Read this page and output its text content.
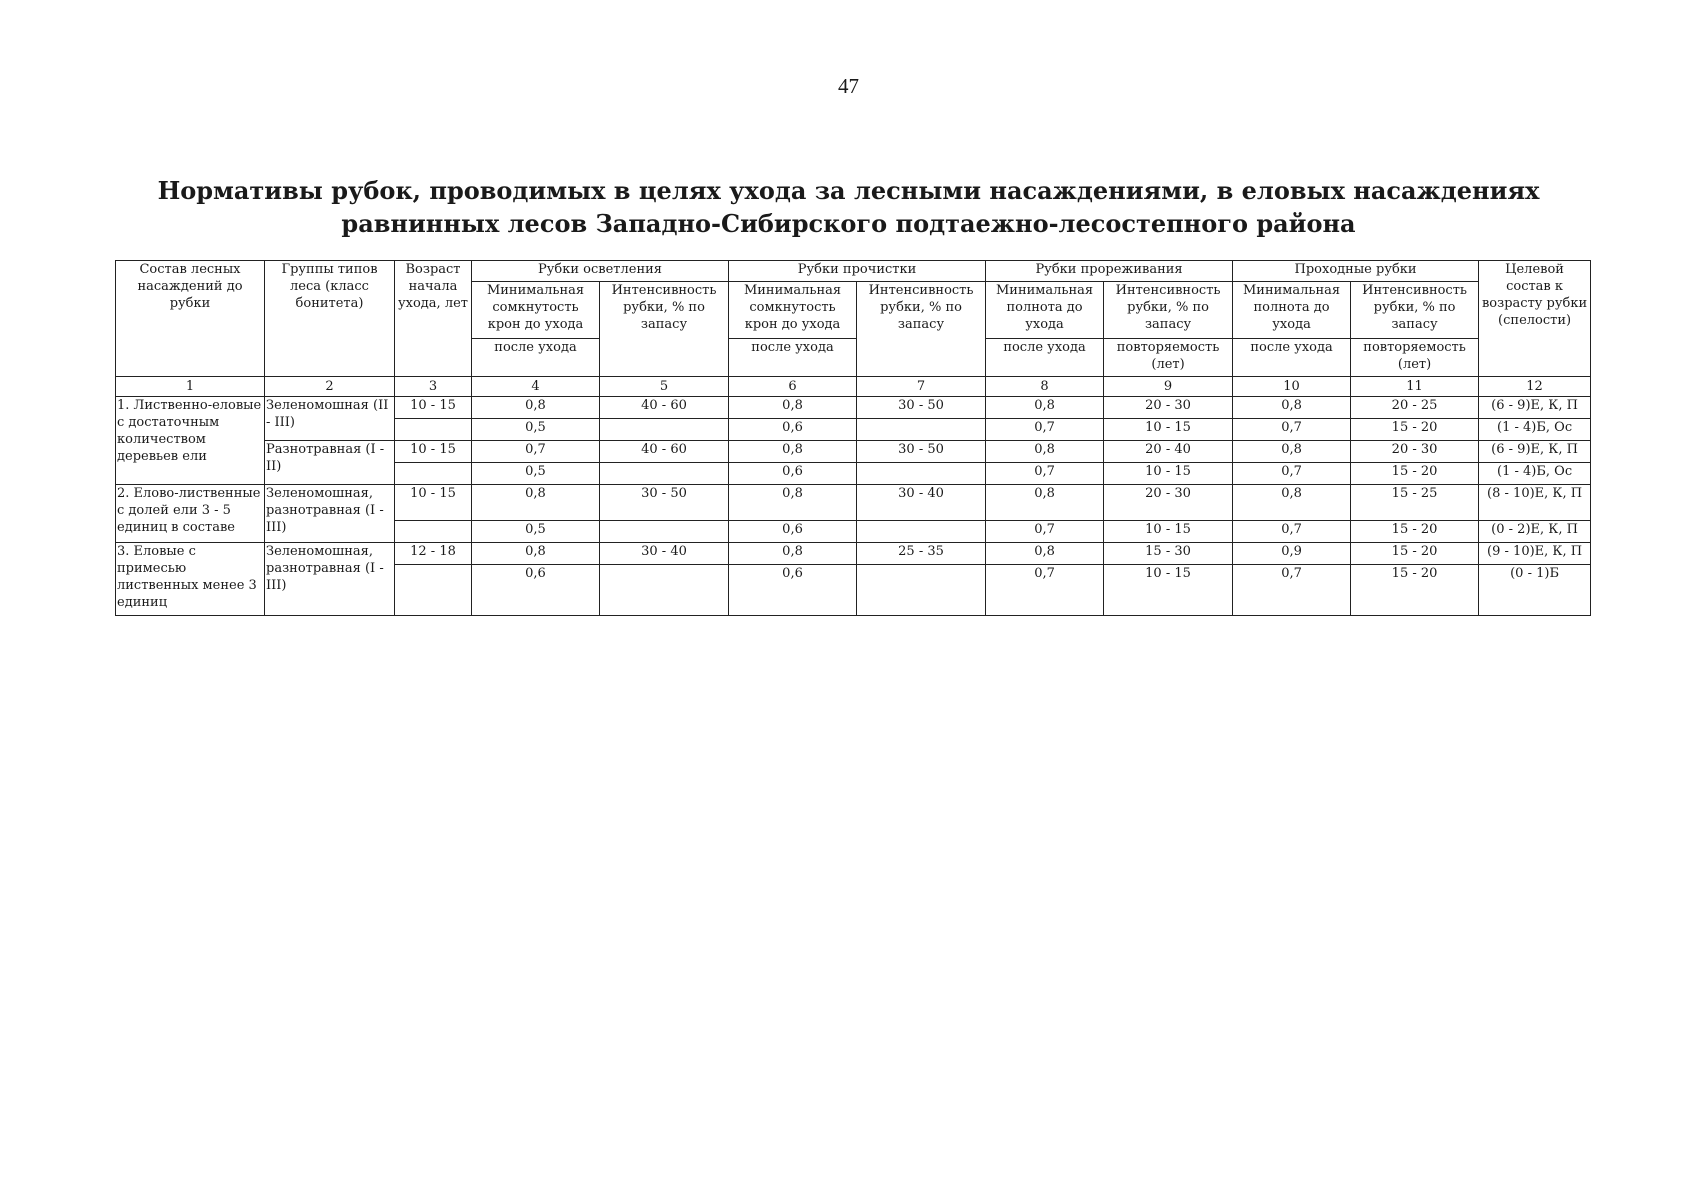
47
Нормативы рубок, проводимых в целях ухода за лесными насаждениями, в еловых насаждениях
равнинных лесов Западно-Сибирского подтаежно-лесостепного района
Состав лесных насаждений до рубки	Группы типов леса (класс бонитета)	Возраст начала ухода, лет	Рубки осветления		Рубки прочистки		Рубки прореживания		Проходные рубки		Целевой состав к возрасту рубки (спелости)
			Минимальная сомкнутость крон до ухода	Интенсивность рубки, % по запасу	Минимальная сомкнутость крон до ухода	Интенсивность рубки, % по запасу	Минимальная полнота до ухода	Интенсивность рубки, % по запасу	Минимальная полнота до ухода	Интенсивность рубки, % по запасу	
			после ухода		после ухода		после ухода	повторяемость (лет)	после ухода	повторяемость (лет)	
1	2	3	4	5	6	7	8	9	10	11	12
1. Лиственно-еловые с достаточным количеством деревьев ели	Зеленомошная (II - III)	10 - 15	0,8	40 - 60	0,8	30 - 50	0,8	20 - 30	0,8	20 - 25	(6 - 9)Е, К, П
			0,5		0,6		0,7	10 - 15	0,7	15 - 20	(1 - 4)Б, Ос
	Разнотравная (I - II)	10 - 15	0,7	40 - 60	0,8	30 - 50	0,8	20 - 40	0,8	20 - 30	(6 - 9)Е, К, П
			0,5		0,6		0,7	10 - 15	0,7	15 - 20	(1 - 4)Б, Ос
2. Елово-лиственные с долей ели 3 - 5 единиц в составе	Зеленомошная, разнотравная (I - III)	10 - 15	0,8	30 - 50	0,8	30 - 40	0,8	20 - 30	0,8	15 - 25	(8 - 10)Е, К, П
			0,5		0,6		0,7	10 - 15	0,7	15 - 20	(0 - 2)Е, К, П
3. Еловые с примесью лиственных менее 3 единиц	Зеленомошная, разнотравная (I - III)	12 - 18	0,8	30 - 40	0,8	25 - 35	0,8	15 - 30	0,9	15 - 20	(9 - 10)Е, К, П
			0,6		0,6		0,7	10 - 15	0,7	15 - 20	(0 - 1)Б
